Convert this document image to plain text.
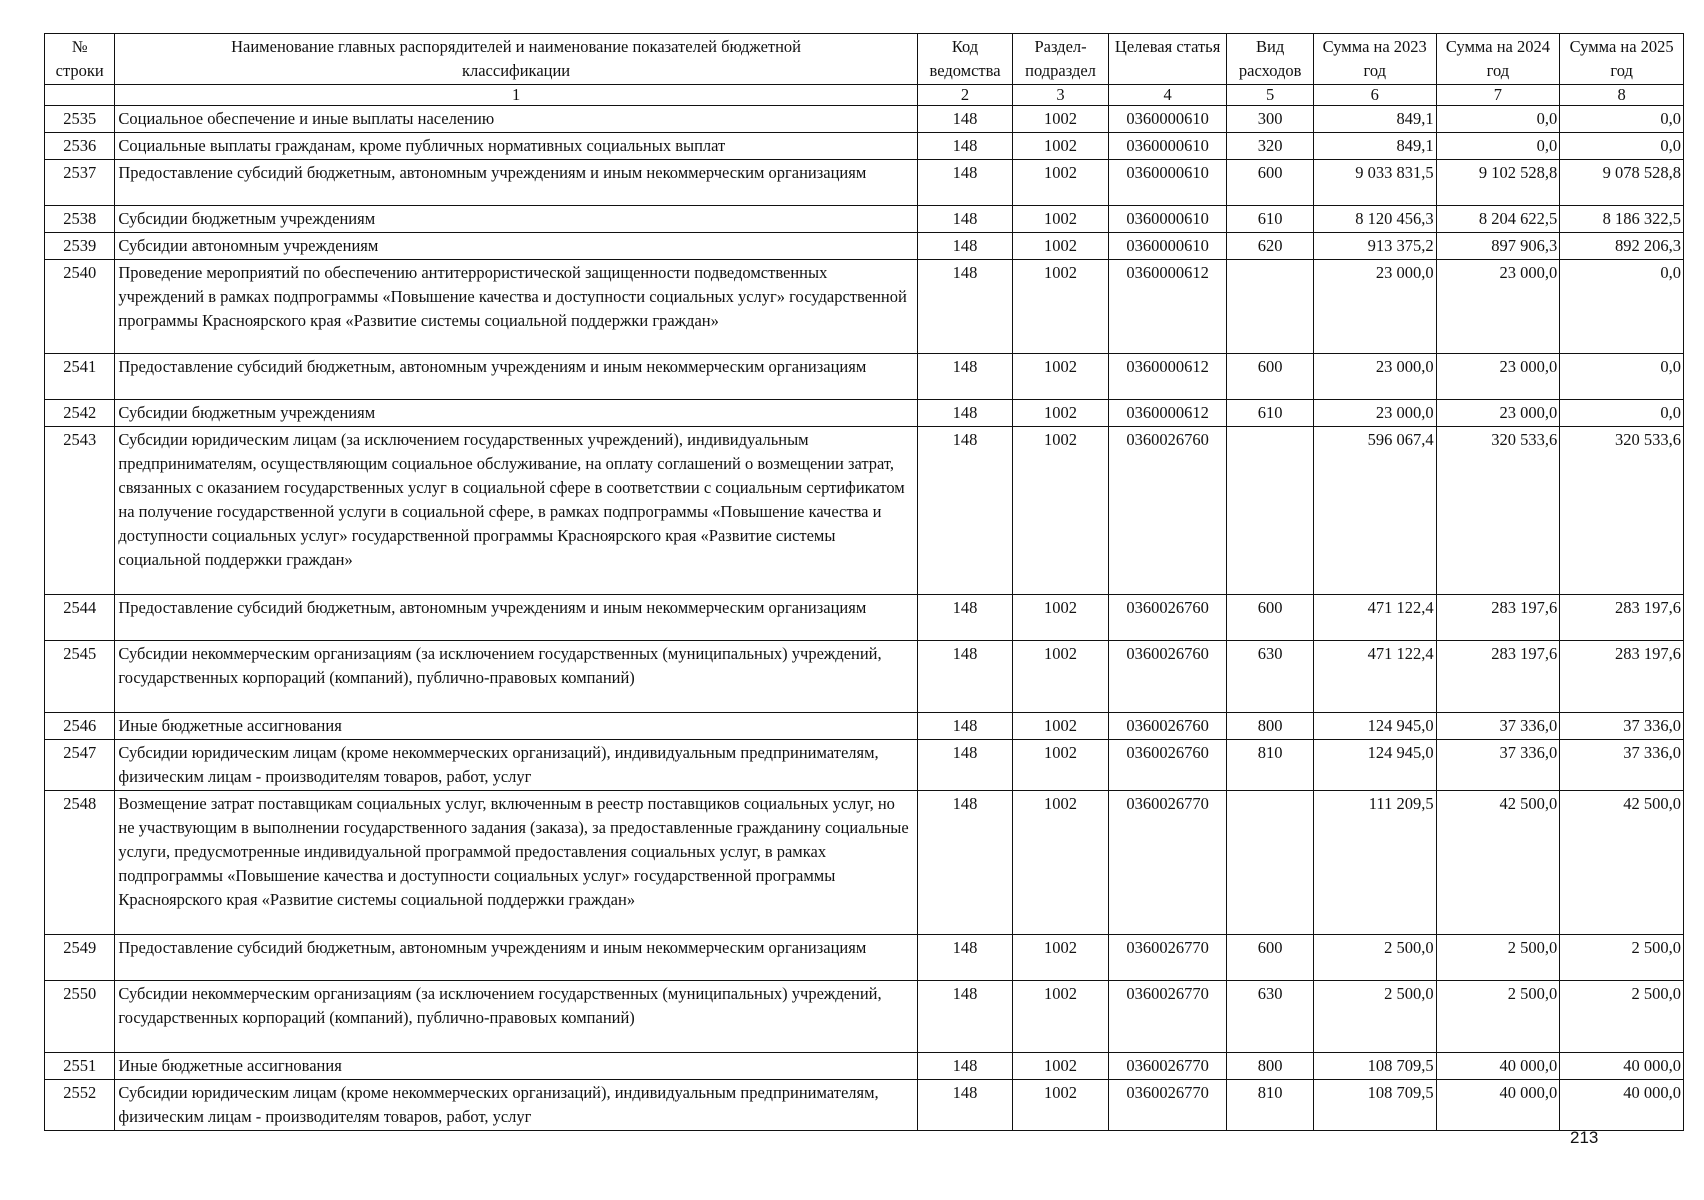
№ строки	Наименование главных распорядителей и наименование показателей бюджетной классификации	Код ведомства	Раздел-подраздел	Целевая статья	Вид расходов	Сумма на 2023 год	Сумма на 2024 год	Сумма на 2025 год
	1	2	3	4	5	6	7	8
2535	Социальное обеспечение и иные выплаты населению	148	1002	0360000610	300	849,1	0,0	0,0
2536	Социальные выплаты гражданам, кроме публичных нормативных социальных выплат	148	1002	0360000610	320	849,1	0,0	0,0
2537	Предоставление субсидий бюджетным, автономным учреждениям и иным некоммерческим организациям	148	1002	0360000610	600	9 033 831,5	9 102 528,8	9 078 528,8
2538	Субсидии бюджетным учреждениям	148	1002	0360000610	610	8 120 456,3	8 204 622,5	8 186 322,5
2539	Субсидии автономным учреждениям	148	1002	0360000610	620	913 375,2	897 906,3	892 206,3
2540	Проведение мероприятий по обеспечению антитеррористической защищенности подведомственных учреждений в рамках подпрограммы «Повышение качества и доступности социальных услуг» государственной программы Красноярского края «Развитие системы социальной поддержки граждан»	148	1002	0360000612		23 000,0	23 000,0	0,0
2541	Предоставление субсидий бюджетным, автономным учреждениям и иным некоммерческим организациям	148	1002	0360000612	600	23 000,0	23 000,0	0,0
2542	Субсидии бюджетным учреждениям	148	1002	0360000612	610	23 000,0	23 000,0	0,0
2543	Субсидии юридическим лицам (за исключением государственных учреждений), индивидуальным предпринимателям, осуществляющим социальное обслуживание, на оплату соглашений о возмещении затрат, связанных с оказанием государственных услуг в социальной сфере в соответствии с социальным сертификатом на получение государственной услуги в социальной сфере, в рамках подпрограммы «Повышение качества и доступности социальных услуг» государственной программы Красноярского края «Развитие системы социальной поддержки граждан»	148	1002	0360026760		596 067,4	320 533,6	320 533,6
2544	Предоставление субсидий бюджетным, автономным учреждениям и иным некоммерческим организациям	148	1002	0360026760	600	471 122,4	283 197,6	283 197,6
2545	Субсидии некоммерческим организациям (за исключением государственных (муниципальных) учреждений, государственных корпораций (компаний), публично-правовых компаний)	148	1002	0360026760	630	471 122,4	283 197,6	283 197,6
2546	Иные бюджетные ассигнования	148	1002	0360026760	800	124 945,0	37 336,0	37 336,0
2547	Субсидии юридическим лицам (кроме некоммерческих организаций), индивидуальным предпринимателям, физическим лицам - производителям товаров, работ, услуг	148	1002	0360026760	810	124 945,0	37 336,0	37 336,0
2548	Возмещение затрат поставщикам социальных услуг, включенным в реестр поставщиков социальных услуг, но не участвующим в выполнении государственного задания (заказа), за предоставленные гражданину социальные услуги, предусмотренные индивидуальной программой предоставления социальных услуг, в рамках подпрограммы «Повышение качества и доступности социальных услуг» государственной программы Красноярского края «Развитие системы социальной поддержки граждан»	148	1002	0360026770		111 209,5	42 500,0	42 500,0
2549	Предоставление субсидий бюджетным, автономным учреждениям и иным некоммерческим организациям	148	1002	0360026770	600	2 500,0	2 500,0	2 500,0
2550	Субсидии некоммерческим организациям (за исключением государственных (муниципальных) учреждений, государственных корпораций (компаний), публично-правовых компаний)	148	1002	0360026770	630	2 500,0	2 500,0	2 500,0
2551	Иные бюджетные ассигнования	148	1002	0360026770	800	108 709,5	40 000,0	40 000,0
2552	Субсидии юридическим лицам (кроме некоммерческих организаций), индивидуальным предпринимателям, физическим лицам - производителям товаров, работ, услуг	148	1002	0360026770	810	108 709,5	40 000,0	40 000,0
213
